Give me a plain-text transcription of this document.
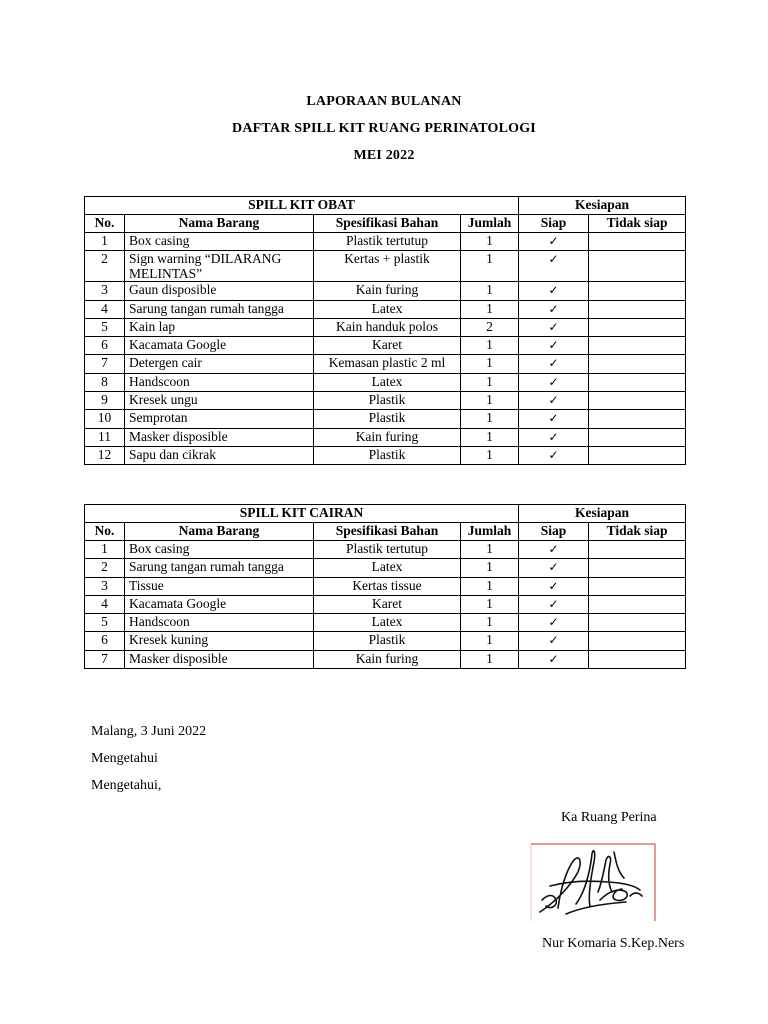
LAPORAAN BULANAN
DAFTAR SPILL KIT RUANG PERINATOLOGI
MEI 2022
SPILL KIT OBAT				Kesiapan	
No.	Nama Barang	Spesifikasi Bahan	Jumlah	Siap	Tidak siap
1	Box casing	Plastik tertutup	1	✓	
2	Sign warning “DILARANG MELINTAS”	Kertas + plastik	1	✓	
3	Gaun disposible	Kain furing	1	✓	
4	Sarung tangan rumah tangga	Latex	1	✓	
5	Kain lap	Kain handuk polos	2	✓	
6	Kacamata Google	Karet	1	✓	
7	Detergen cair	Kemasan plastic 2 ml	1	✓	
8	Handscoon	Latex	1	✓	
9	Kresek ungu	Plastik	1	✓	
10	Semprotan	Plastik	1	✓	
11	Masker disposible	Kain furing	1	✓	
12	Sapu dan cikrak	Plastik	1	✓	
SPILL KIT CAIRAN				Kesiapan	
No.	Nama Barang	Spesifikasi Bahan	Jumlah	Siap	Tidak siap
1	Box casing	Plastik tertutup	1	✓	
2	Sarung tangan rumah tangga	Latex	1	✓	
3	Tissue	Kertas tissue	1	✓	
4	Kacamata Google	Karet	1	✓	
5	Handscoon	Latex	1	✓	
6	Kresek kuning	Plastik	1	✓	
7	Masker disposible	Kain furing	1	✓	
Malang, 3 Juni 2022
Mengetahui
Mengetahui,
Ka Ruang Perina
Nur Komaria S.Kep.Ners
